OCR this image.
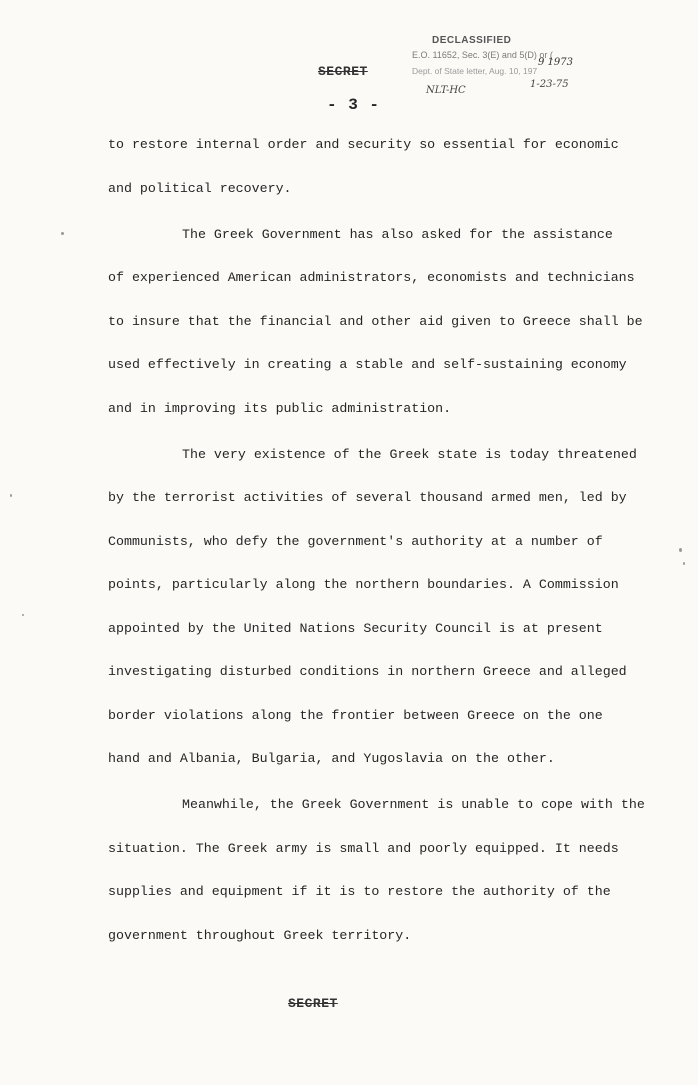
DECLASSIFIED
E.O. 11652, Sec. 3(E) and 5(D) or (
Dept. of State letter, Aug. 10, 197
9 1973
NLT-HC
1-23-75
SECRET
- 3 -
to restore internal order and security so essential for economic
and political recovery.
The Greek Government has also asked for the assistance
of experienced American administrators, economists and technicians
to insure that the financial and other aid given to Greece shall be
used effectively in creating a stable and self-sustaining economy
and in improving its public administration.
The very existence of the Greek state is today threatened
by the terrorist activities of several thousand armed men, led by
Communists, who defy the government's authority at a number of
points, particularly along the northern boundaries. A Commission
appointed by the United Nations Security Council is at present
investigating disturbed conditions in northern Greece and alleged
border violations along the frontier between Greece on the one
hand and Albania, Bulgaria, and Yugoslavia on the other.
Meanwhile, the Greek Government is unable to cope with the
situation. The Greek army is small and poorly equipped. It needs
supplies and equipment if it is to restore the authority of the
government throughout Greek territory.
SECRET
